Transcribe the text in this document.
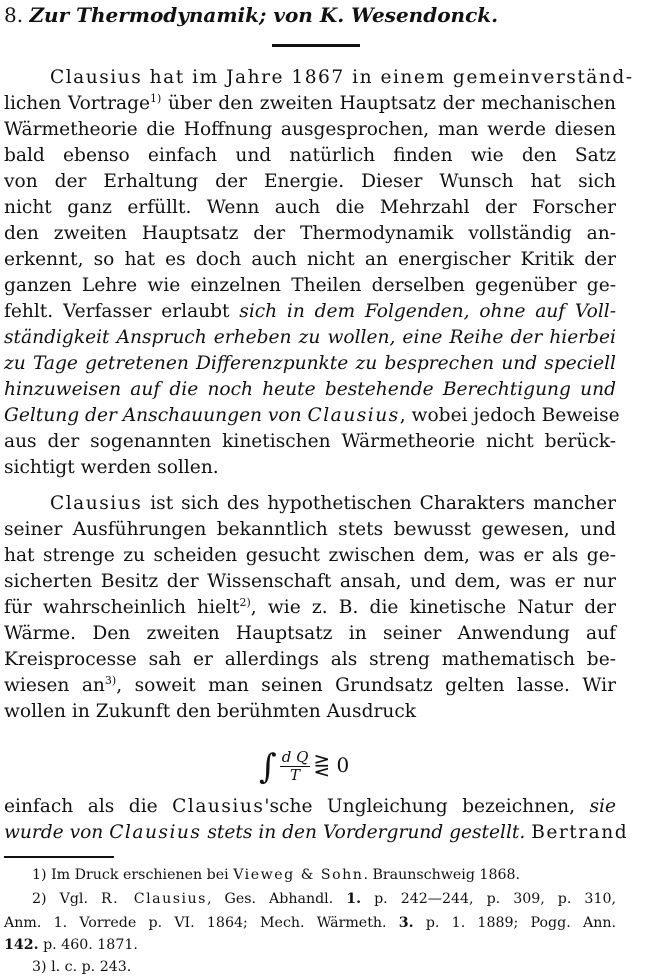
8. Zur Thermodynamik; von K. Wesendonck.
Clausius hat im Jahre 1867 in einem gemeinverständ-
lichen Vortrage$^{1)}$ über den zweiten Hauptsatz der mechanischen
Wärmetheorie die Hoffnung ausgesprochen, man werde diesen
bald ebenso einfach und natürlich finden wie den Satz
von der Erhaltung der Energie. Dieser Wunsch hat sich
nicht ganz erfüllt. Wenn auch die Mehrzahl der Forscher
den zweiten Hauptsatz der Thermodynamik vollständig an-
erkennt, so hat es doch auch nicht an energischer Kritik der
ganzen Lehre wie einzelnen Theilen derselben gegenüber ge-
fehlt. Verfasser erlaubt sich in dem Folgenden, ohne auf Voll-
ständigkeit Anspruch erheben zu wollen, eine Reihe der hierbei
zu Tage getretenen Differenzpunkte zu besprechen und speciell
hinzuweisen auf die noch heute bestehende Berechtigung und
Geltung der Anschauungen von Clausius, wobei jedoch Beweise
aus der sogenannten kinetischen Wärmetheorie nicht berück-
sichtigt werden sollen.
Clausius ist sich des hypothetischen Charakters mancher
seiner Ausführungen bekanntlich stets bewusst gewesen, und
hat strenge zu scheiden gesucht zwischen dem, was er als ge-
sicherten Besitz der Wissenschaft ansah, und dem, was er nur
für wahrscheinlich hielt$^{2)}$, wie z. B. die kinetische Natur der
Wärme. Den zweiten Hauptsatz in seiner Anwendung auf
Kreisprocesse sah er allerdings als streng mathematisch be-
wiesen $an^{3)}$, soweit man seinen Grundsatz gelten lasse. Wir
wollen in Zukunft den berühmten Ausdruck
∫ $\frac{\text{d Q}}{T}$ ⋛ 0
einfach als die Clausius'sche Ungleichung bezeichnen, sie
wurde von Clausius stets in den Vordergrund gestellt. Bertrand
1) Im Druck erschienen bei Vieweg & Sohn. Braunschweig 1868.
2) Vgl. R. Clausius, Ges. Abhandl. 1. p. 242—244, p. 309, p. 310,
Anm. 1. Vorrede p. VI. 1864; Mech. Wärmeth. 3. p. 1. 1889; Pogg. Ann.
142. p. 460. 1871.
3) l. c. p. 243.
